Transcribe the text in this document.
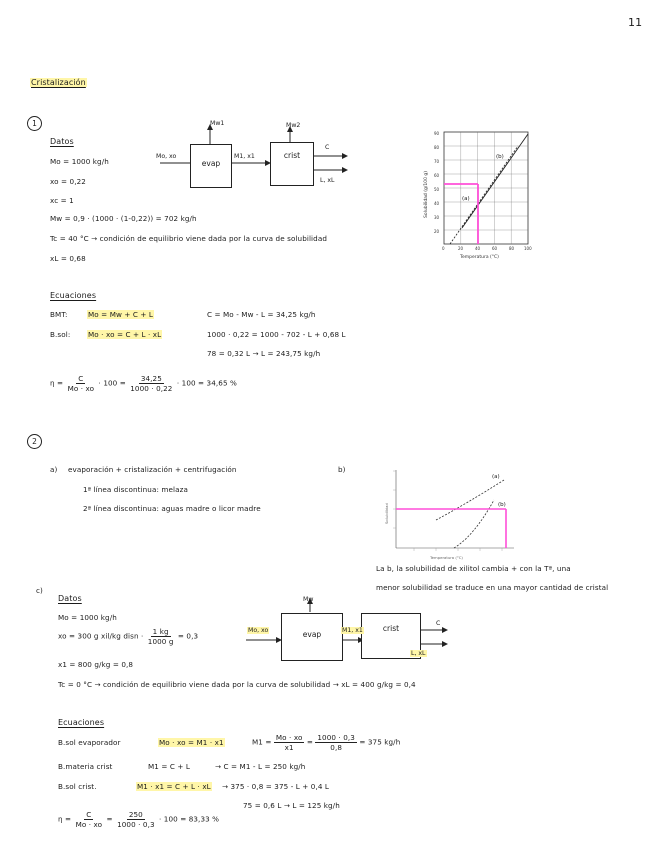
11
Cristalización
1
Datos
Mo = 1000 kg/h
xo = 0,22
xc = 1
Mw = 0,9 · (1000 · (1-0,22)) = 702 kg/h
Tc = 40 °C → condición de equilibrio viene dada por la curva de solubilidad
xL = 0,68
evap
crist
Mw1	Mw2
Mo, xo	M1, x1
C
L, xL
(b)
(a)
90
80
70
60
50
40
30
20
0	20	40	60	80 100
Temperatura (°C)
Solubilidad (g/100 g)
Ecuaciones
BMT:	Mo = Mw + C + L
B.sol: Mo · xo = C + L · xL
C = Mo - Mw - L = 34,25 kg/h
1000 · 0,22 = 1000 - 702 - L + 0,68 L
78 = 0,32 L → L = 243,75 kg/h
$\eta = \frac{C}{Mo \cdot xo} \cdot 100 = \frac{34,25}{1000 \cdot 0,22} \cdot 100 = 34,65$ %
2
a) evaporación + cristalización + centrifugación
1ª línea discontinua: melaza
2ª línea discontinua: aguas madre o licor madre
b)
(a)
(b)
Temperatura (°C)
Solubilidad
La b, la solubilidad de xilitol cambia + con la Tª, una
menor solubilidad se traduce en una mayor cantidad de cristal
c)
Datos
Mo = 1000 kg/h
xo = 300 g xil/kg disn · $\frac{1 kg}{1000 g} = 0,3$
x1 = 800 g/kg = 0,8
Tc = 0 °C → condición de equilibrio viene dada por la curva de solubilidad → xL = 400 g/kg = 0,4
evap
crist
Mw
Mo, xo	M1, x1
C
L, xL
Ecuaciones
B.sol evaporador	Mo · xo = M1 · x1	$M1 = \frac{Mo \cdot xo}{x1} = \frac{1000 \cdot 0,3}{0,8} = 375$ kg/h
B.materia crist	M1 = C + L	→ C = M1 - L = 250 kg/h
B.sol crist.	M1 · x1 = C + L · xL → 375 · 0,8 = 375 - L + 0,4 L
75 = 0,6 L → L = 125 kg/h
$\eta = \frac{C}{Mo \cdot xo} = \frac{250}{1000 \cdot 0,3} \cdot 100 = 83,33$ %
